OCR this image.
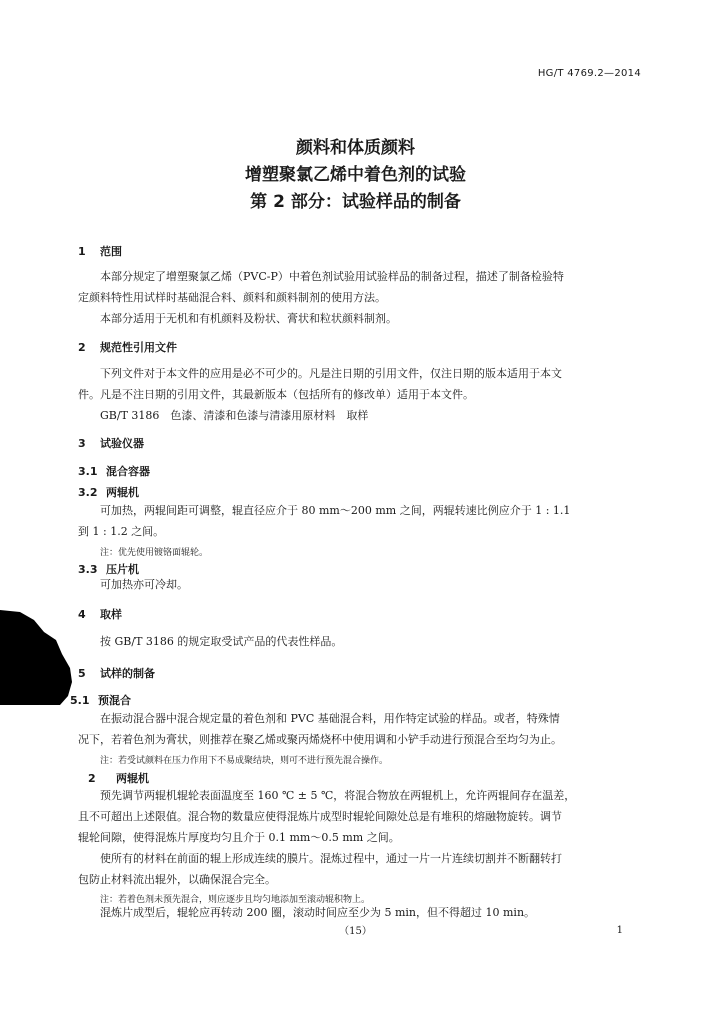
HG/T 4769.2—2014
颜料和体质颜料
增塑聚氯乙烯中着色剂的试验
第 2 部分：试验样品的制备
1 范围
本部分规定了增塑聚氯乙烯（PVC-P）中着色剂试验用试验样品的制备过程，描述了制备检验特
定颜料特性用试样时基础混合料、颜料和颜料制剂的使用方法。
本部分适用于无机和有机颜料及粉状、膏状和粒状颜料制剂。
2 规范性引用文件
下列文件对于本文件的应用是必不可少的。凡是注日期的引用文件，仅注日期的版本适用于本文
件。凡是不注日期的引用文件，其最新版本（包括所有的修改单）适用于本文件。
GB/T 3186　色漆、清漆和色漆与清漆用原材料　取样
3 试验仪器
3.1 混合容器
3.2 两辊机
可加热，两辊间距可调整，辊直径应介于 80 mm～200 mm 之间，两辊转速比例应介于 1 : 1.1
到 1 : 1.2 之间。
注：优先使用镀铬面辊轮。
3.3 压片机
可加热亦可冷却。
4 取样
按 GB/T 3186 的规定取受试产品的代表性样品。
5 试样的制备
5.1 预混合
在振动混合器中混合规定量的着色剂和 PVC 基础混合料，用作特定试验的样品。或者，特殊情
况下，若着色剂为膏状，则推荐在聚乙烯或聚丙烯烧杯中使用调和小铲手动进行预混合至均匀为止。
注：若受试颜料在压力作用下不易成聚结块，则可不进行预先混合操作。
2 两辊机
预先调节两辊机辊轮表面温度至 160 ℃ ± 5 ℃，将混合物放在两辊机上，允许两辊间存在温差，
且不可超出上述限值。混合物的数量应使得混炼片成型时辊轮间隙处总是有堆积的熔融物旋转。调节
辊轮间隙，使得混炼片厚度均匀且介于 0.1 mm～0.5 mm 之间。
使所有的材料在前面的辊上形成连续的膜片。混炼过程中，通过一片一片连续切割并不断翻转打
包防止材料流出辊外，以确保混合完全。
注：若着色剂未预先混合，则应逐步且均匀地添加至滚动辊积物上。
混炼片成型后，辊轮应再转动 200 圈，滚动时间应至少为 5 min，但不得超过 10 min。
（15）	1
